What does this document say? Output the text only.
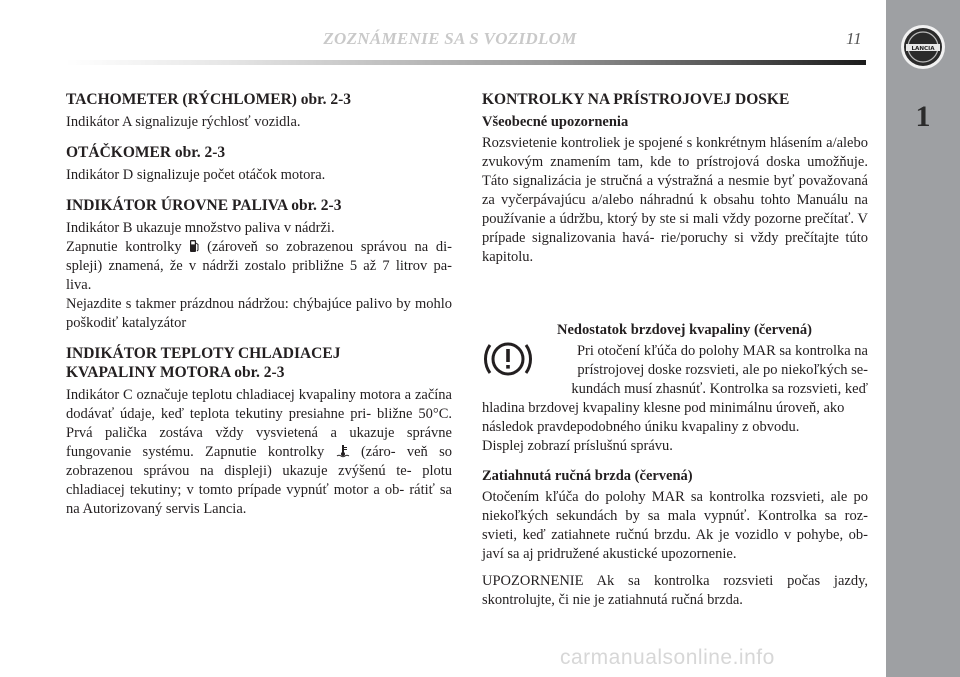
ZOZNÁMENIE SA S VOZIDLOM	11
LANCIA
1
TACHOMETER (RÝCHLOMER) obr. 2-3

Indikátor A signalizuje rýchlosť vozidla.

OTÁČKOMER obr. 2-3

Indikátor D signalizuje počet otáčok motora.

INDIKÁTOR ÚROVNE PALIVA obr. 2-3

Indikátor B ukazuje množstvo paliva v nádrži.

Zapnutie kontrolky (zároveň so zobrazenou správou na di- spleji) znamená, že v nádrži zostalo približne 5 až 7 litrov pa- liva.

Nejazdite s takmer prázdnou nádržou: chýbajúce palivo by mohlo poškodiť katalyzátor

INDIKÁTOR TEPLOTY CHLADIACEJ
KVAPALINY MOTORA obr. 2-3

Indikátor C označuje teplotu chladiacej kvapaliny motora a začína dodávať údaje, keď teplota tekutiny presiahne pri- bližne 50°C. Prvá palička zostáva vždy vysvietená a ukazuje správne fungovanie systému. Zapnutie kontrolky	(záro- veň so zobrazenou správou na displeji) ukazuje zvýšenú te- plotu chladiacej tekutiny; v tomto prípade vypnúť motor a ob- rátiť sa na Autorizovaný servis Lancia.

KONTROLKY NA PRÍSTROJOVEJ DOSKE
Všeobecné upozornenia

Rozsvietenie kontroliek je spojené s konkrétnym hlásením a/alebo zvukovým znamením tam, kde to prístrojová doska umožňuje. Táto signalizácia je stručná a výstražná a nesmie byť považovaná za vyčerpávajúcu a/alebo náhradnú k obsahu tohto Manuálu na používanie a údržbu, ktorý by ste si mali vždy pozorne prečítať. V prípade signalizovania havá- rie/poruchy si vždy prečítajte túto kapitolu.

Nedostatok brzdovej kvapaliny (červená)

Pri otočení kľúča do polohy MAR sa kontrolka na prístrojovej doske rozsvieti, ale po niekoľkých se- kundách musí zhasnúť. Kontrolka sa rozsvieti, keď

hladina brzdovej kvapaliny klesne pod minimálnu úroveň, ako následok pravdepodobného úniku kvapaliny z obvodu.

Displej zobrazí príslušnú správu.

Zatiahnutá ručná brzda (červená)

Otočením kľúča do polohy MAR sa kontrolka rozsvieti, ale po niekoľkých sekundách by sa mala vypnúť. Kontrolka sa roz- svieti, keď zatiahnete ručnú brzdu. Ak je vozidlo v pohybe, ob- javí sa aj pridružené akustické upozornenie.

UPOZORNENIE Ak sa kontrolka rozsvieti počas jazdy, skontrolujte, či nie je zatiahnutá ručná brzda.

carmanualsonline.info
